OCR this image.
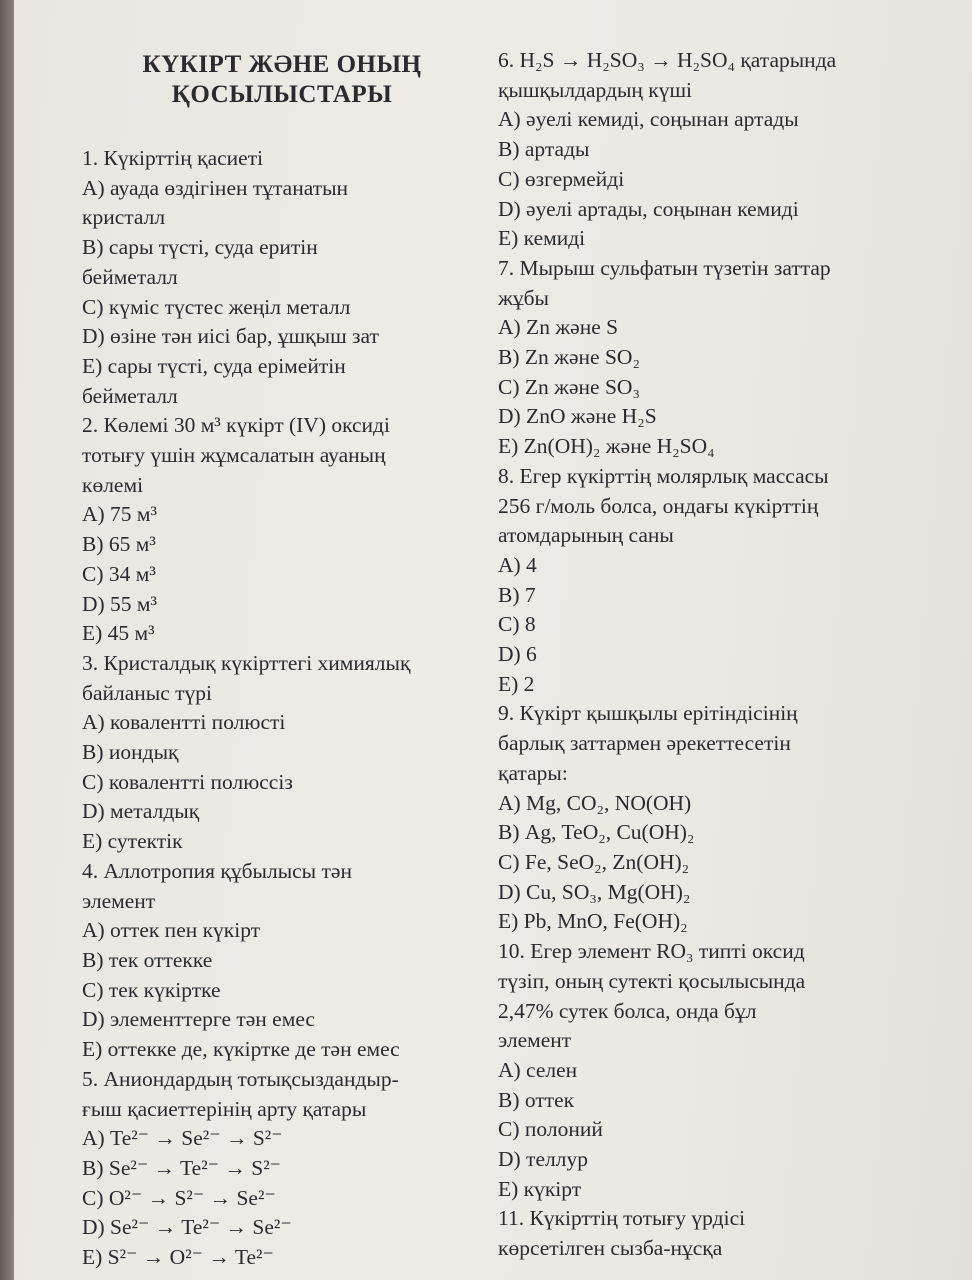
КҮКІРТ ЖӘНЕ ОНЫҢ
ҚОСЫЛЫСТАРЫ
1. Күкірттің қасиеті
А) ауада өздігінен тұтанатын
кристалл
В) сары түсті, суда еритін
бейметалл
С) күміс түстес жеңіл металл
D) өзіне тән иісі бар, ұшқыш зат
E) сары түсті, суда ерімейтін
бейметалл
2. Көлемі 30 м³ күкірт (IV) оксиді
тотығу үшін жұмсалатын ауаның
көлемі
А) 75 м³
В) 65 м³
С) 34 м³
D) 55 м³
E) 45 м³
3. Кристалдық күкірттегі химиялық
байланыс түрі
А) ковалентті полюсті
В) иондық
С) ковалентті полюссіз
D) металдық
E) сутектік
4. Аллотропия құбылысы тән
элемент
А) оттек пен күкірт
В) тек оттекке
С) тек күкіртке
D) элементтерге тән емес
E) оттекке де, күкіртке де тән емес
5. Аниондардың тотықсыздандыр-
ғыш қасиеттерінің арту қатары
А) Te²⁻ → Se²⁻ → S²⁻
В) Se²⁻ → Te²⁻ → S²⁻
С) O²⁻ → S²⁻ → Se²⁻
D) Se²⁻ → Te²⁻ → Se²⁻
E) S²⁻ → O²⁻ → Te²⁻
6. H₂S → H₂SO₃ → H₂SO₄ қатарында
қышқылдардың күші
А) әуелі кемиді, соңынан артады
В) артады
С) өзгермейді
D) әуелі артады, соңынан кемиді
E) кемиді
7. Мырыш сульфатын түзетін заттар
жұбы
А) Zn және S
В) Zn және SO₂
С) Zn және SO₃
D) ZnO және H₂S
E) Zn(OH)₂ және H₂SO₄
8. Егер күкірттің молярлық массасы
256 г/моль болса, ондағы күкірттің
атомдарының саны
А) 4
В) 7
С) 8
D) 6
E) 2
9. Күкірт қышқылы ерітіндісінің
барлық заттармен әрекеттесетін
қатары:
А) Mg, CO₂, NO(OH)
В) Ag, TeO₂, Cu(OH)₂
С) Fe, SeO₂, Zn(OH)₂
D) Cu, SO₃, Mg(OH)₂
E) Pb, MnO, Fe(OH)₂
10. Егер элемент RO₃ типті оксид
түзіп, оның сутекті қосылысында
2,47% сутек болса, онда бұл
элемент
А) селен
В) оттек
С) полоний
D) теллур
E) күкірт
11. Күкірттің тотығу үрдісі
көрсетілген сызба-нұсқа
